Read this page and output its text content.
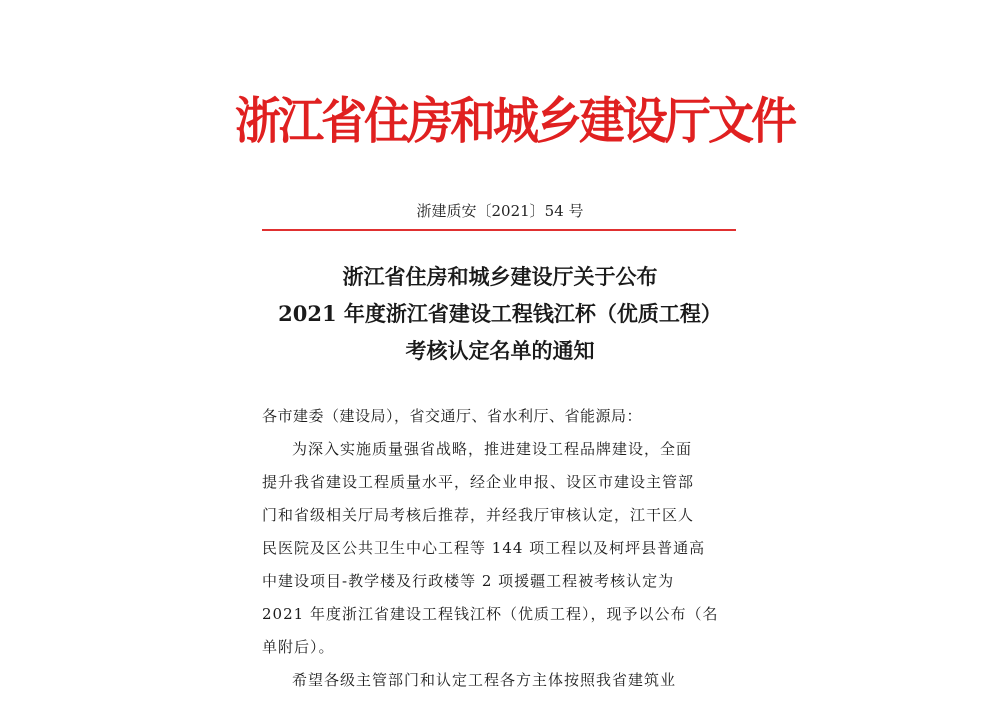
浙江省住房和城乡建设厅文件
浙建质安〔2021〕54 号
浙江省住房和城乡建设厅关于公布
2021 年度浙江省建设工程钱江杯（优质工程）
考核认定名单的通知
各市建委（建设局），省交通厅、省水利厅、省能源局：
为深入实施质量强省战略，推进建设工程品牌建设，全面
提升我省建设工程质量水平，经企业申报、设区市建设主管部
门和省级相关厅局考核后推荐，并经我厅审核认定，江干区人
民医院及区公共卫生中心工程等 144 项工程以及柯坪县普通高
中建设项目-教学楼及行政楼等 2 项援疆工程被考核认定为
2021 年度浙江省建设工程钱江杯（优质工程），现予以公布（名
单附后）。
希望各级主管部门和认定工程各方主体按照我省建筑业
